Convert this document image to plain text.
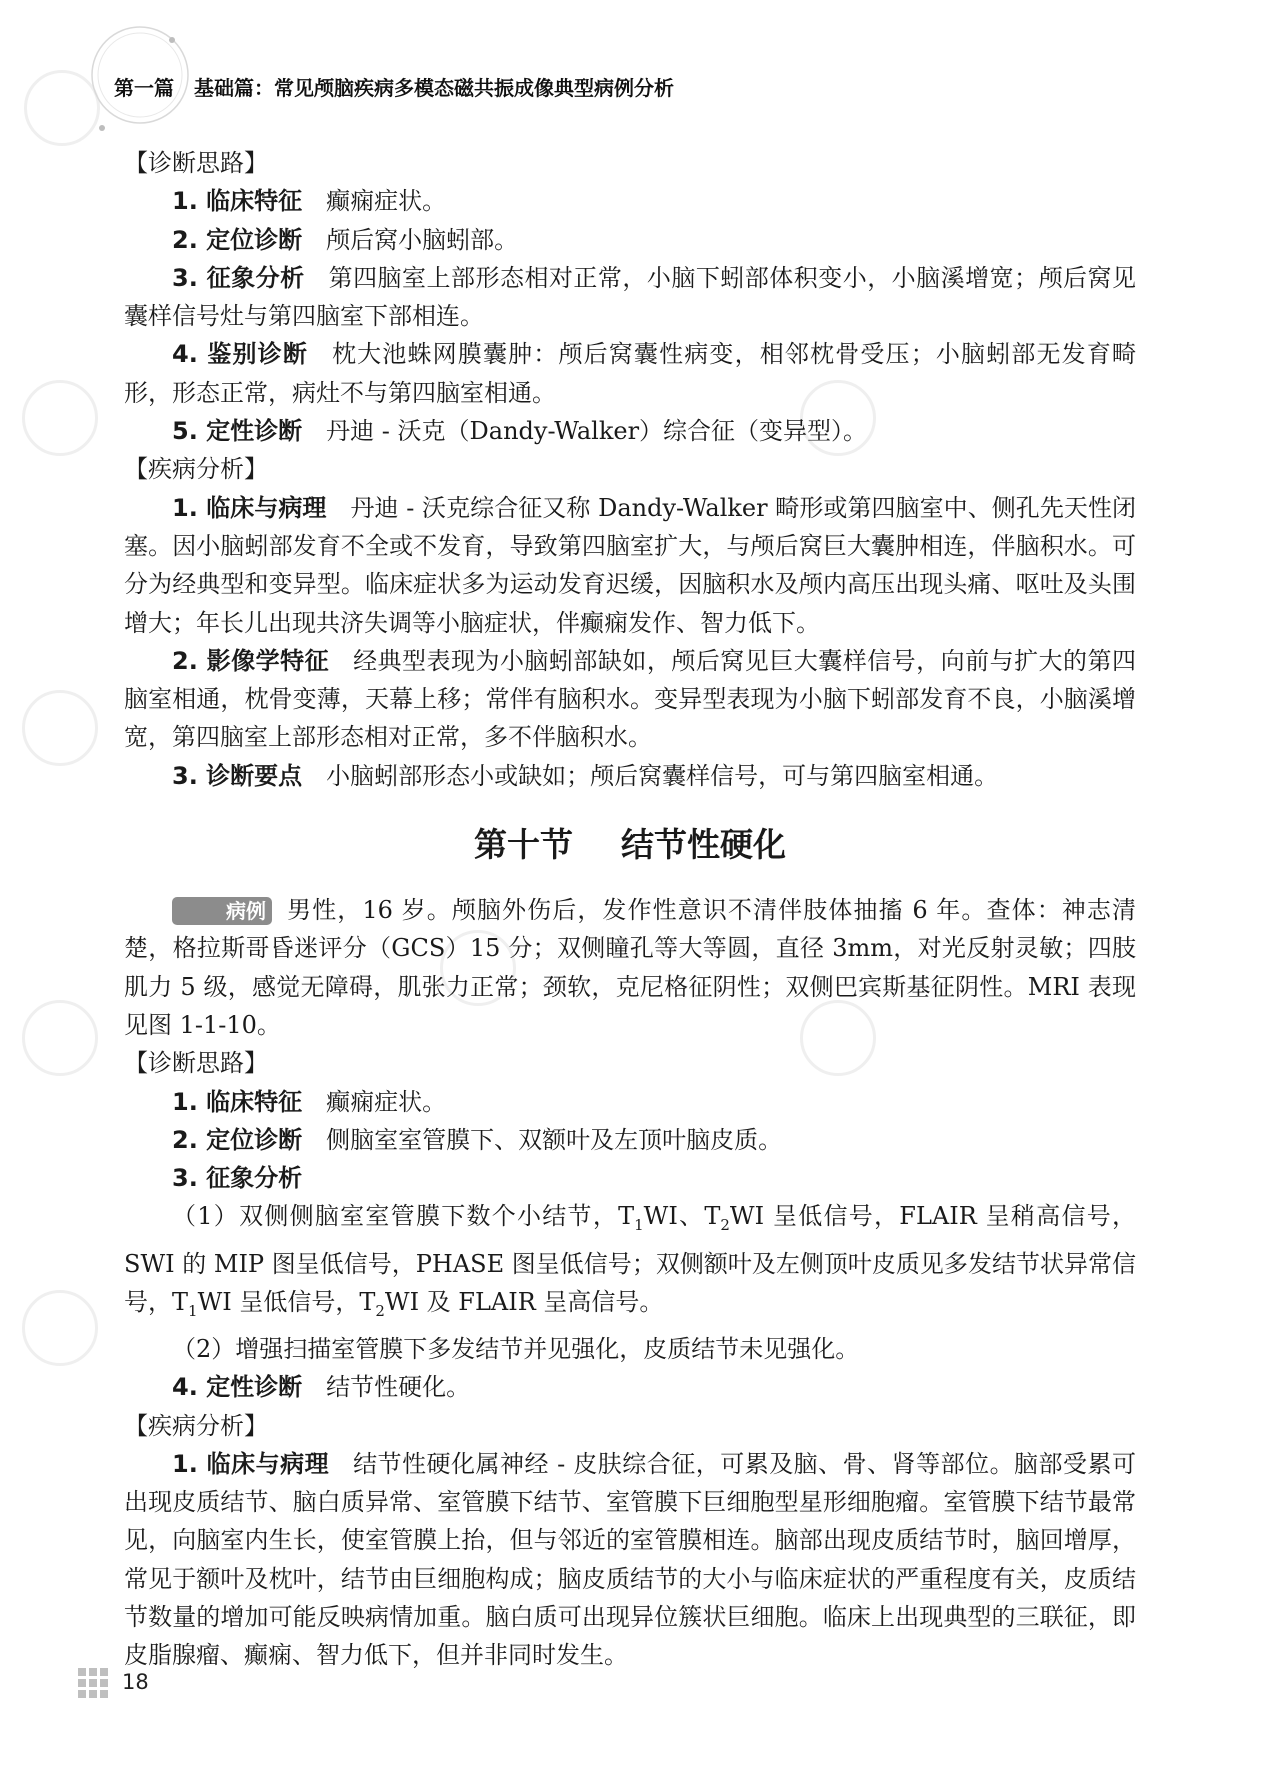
第一篇 基础篇：常见颅脑疾病多模态磁共振成像典型病例分析

【诊断思路】

1. 临床特征 癫痫症状。

2. 定位诊断 颅后窝小脑蚓部。

3. 征象分析 第四脑室上部形态相对正常，小脑下蚓部体积变小，小脑溪增宽；颅后窝见囊样信号灶与第四脑室下部相连。

4. 鉴别诊断 枕大池蛛网膜囊肿：颅后窝囊性病变，相邻枕骨受压；小脑蚓部无发育畸形，形态正常，病灶不与第四脑室相通。

5. 定性诊断 丹迪 - 沃克（Dandy-Walker）综合征（变异型）。

【疾病分析】

1. 临床与病理 丹迪 - 沃克综合征又称 Dandy-Walker 畸形或第四脑室中、侧孔先天性闭塞。因小脑蚓部发育不全或不发育，导致第四脑室扩大，与颅后窝巨大囊肿相连，伴脑积水。可分为经典型和变异型。临床症状多为运动发育迟缓，因脑积水及颅内高压出现头痛、呕吐及头围增大；年长儿出现共济失调等小脑症状，伴癫痫发作、智力低下。

2. 影像学特征 经典型表现为小脑蚓部缺如，颅后窝见巨大囊样信号，向前与扩大的第四脑室相通，枕骨变薄，天幕上移；常伴有脑积水。变异型表现为小脑下蚓部发育不良，小脑溪增宽，第四脑室上部形态相对正常，多不伴脑积水。

3. 诊断要点 小脑蚓部形态小或缺如；颅后窝囊样信号，可与第四脑室相通。

第十节 结节性硬化

病例 男性，16 岁。颅脑外伤后，发作性意识不清伴肢体抽搐 6 年。查体：神志清楚，格拉斯哥昏迷评分（GCS）15 分；双侧瞳孔等大等圆，直径 3mm，对光反射灵敏；四肢肌力 5 级，感觉无障碍，肌张力正常；颈软，克尼格征阴性；双侧巴宾斯基征阴性。MRI 表现见图 1-1-10。

【诊断思路】

1. 临床特征 癫痫症状。

2. 定位诊断 侧脑室室管膜下、双额叶及左顶叶脑皮质。

3. 征象分析

（1）双侧侧脑室室管膜下数个小结节，$T_1WI$、$T_2WI$ 呈低信号，FLAIR 呈稍高信号，SWI 的 MIP 图呈低信号，PHASE 图呈低信号；双侧额叶及左侧顶叶皮质见多发结节状异常信号，$T_1WI$ 呈低信号，$T_2WI$ 及 FLAIR 呈高信号。

（2）增强扫描室管膜下多发结节并见强化，皮质结节未见强化。

4. 定性诊断 结节性硬化。

【疾病分析】

1. 临床与病理 结节性硬化属神经 - 皮肤综合征，可累及脑、骨、肾等部位。脑部受累可出现皮质结节、脑白质异常、室管膜下结节、室管膜下巨细胞型星形细胞瘤。室管膜下结节最常见，向脑室内生长，使室管膜上抬，但与邻近的室管膜相连。脑部出现皮质结节时，脑回增厚，常见于额叶及枕叶，结节由巨细胞构成；脑皮质结节的大小与临床症状的严重程度有关，皮质结节数量的增加可能反映病情加重。脑白质可出现异位簇状巨细胞。临床上出现典型的三联征，即皮脂腺瘤、癫痫、智力低下，但并非同时发生。

18
